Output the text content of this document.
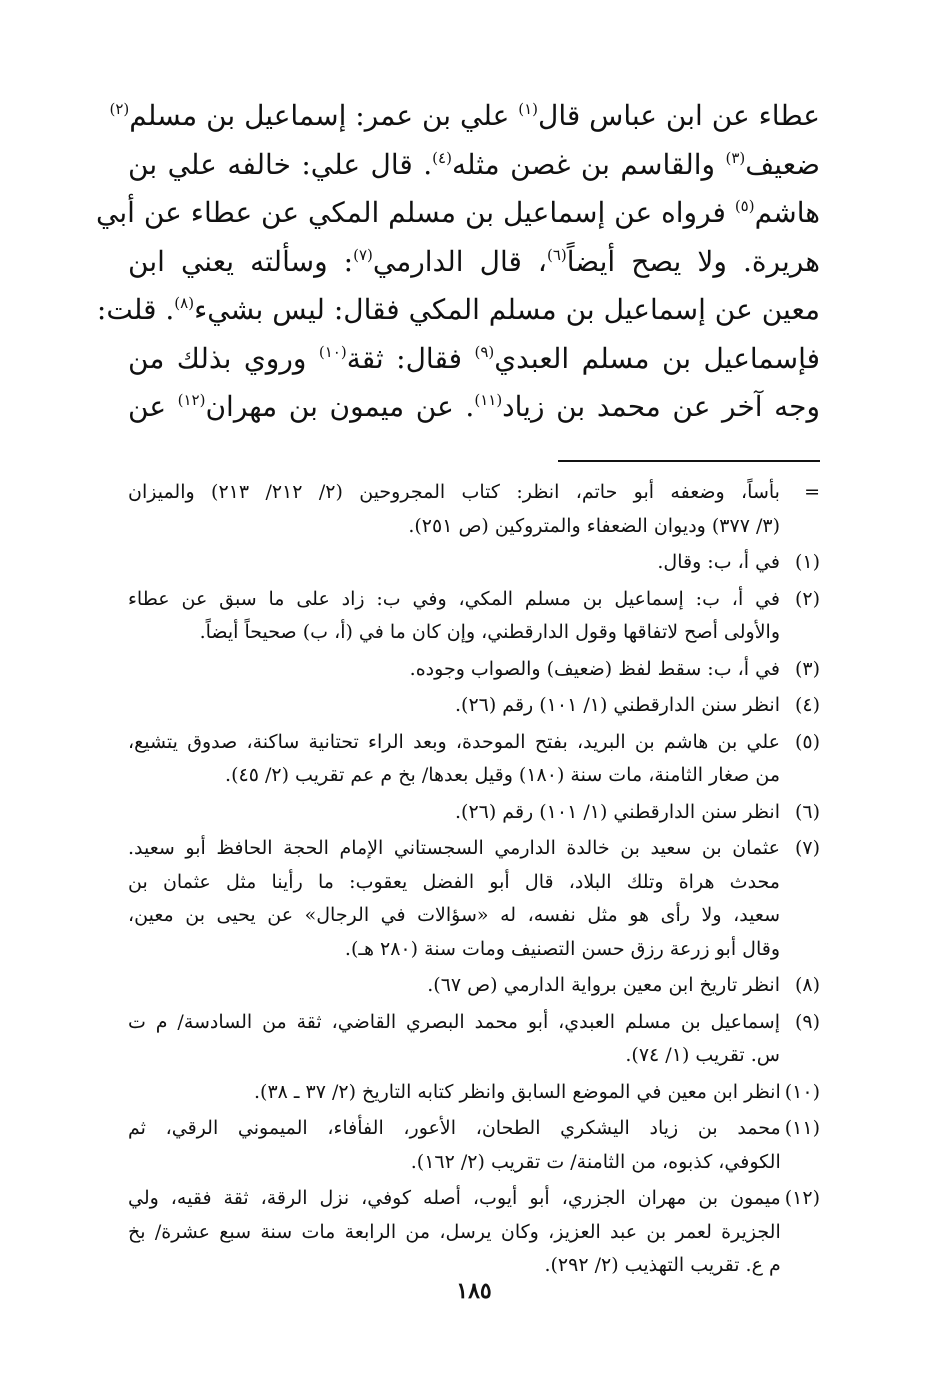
عطاء عن ابن عباس قال$^{(١)}$ علي بن عمر: إسماعيل بن مسلم$^{(٢)}$
ضعيف$^{(٣)}$ والقاسم بن غصن مثله$^{(٤)}$. قال علي: خالفه علي بن
هاشم$^{(٥)}$ فرواه عن إسماعيل بن مسلم المكي عن عطاء عن أبي
هريرة. ولا يصح أيضاً$^{(٦)}$، قال الدارمي$^{(٧)}$: وسألته يعني ابن
معين عن إسماعيل بن مسلم المكي فقال: ليس بشيء$^{(٨)}$. قلت:
فإسماعيل بن مسلم العبدي$^{(٩)}$ فقال: ثقة$^{(١٠)}$ وروي بذلك من
وجه آخر عن محمد بن زياد$^{(١١)}$. عن ميمون بن مهران$^{(١٢)}$ عن
=
بأساً، وضعفه أبو حاتم، انظر: كتاب المجروحين (٢/ ٢١٢/ ٢١٣) والميزان
(٣/ ٣٧٧) وديوان الضعفاء والمتروكين (ص ٢٥١).
(١)
في أ، ب: وقال.
(٢)
في أ، ب: إسماعيل بن مسلم المكي، وفي ب: زاد على ما سبق عن عطاء
والأولى أصح لاتفاقها وقول الدارقطني، وإن كان ما في (أ، ب) صحيحاً أيضاً.
(٣)
في أ، ب: سقط لفظ (ضعيف) والصواب وجوده.
(٤)
انظر سنن الدارقطني (١/ ١٠١) رقم (٢٦).
(٥)
علي بن هاشم بن البريد، بفتح الموحدة، وبعد الراء تحتانية ساكنة، صدوق يتشيع،
من صغار الثامنة، مات سنة (١٨٠) وقيل بعدها/ بخ م عم تقريب (٢/ ٤٥).
(٦)
انظر سنن الدارقطني (١/ ١٠١) رقم (٢٦).
(٧)
عثمان بن سعيد بن خالدة الدارمي السجستاني الإمام الحجة الحافظ أبو سعيد.
محدث هراة وتلك البلاد، قال أبو الفضل يعقوب: ما رأينا مثل عثمان بن
سعيد، ولا رأى هو مثل نفسه، له «سؤالات في الرجال» عن يحيى بن معين،
وقال أبو زرعة رزق حسن التصنيف ومات سنة (٢٨٠ هـ).
(٨)
انظر تاريخ ابن معين برواية الدارمي (ص ٦٧).
(٩)
إسماعيل بن مسلم العبدي، أبو محمد البصري القاضي، ثقة من السادسة/ م ت
س. تقريب (١/ ٧٤).
(١٠)
انظر ابن معين في الموضع السابق وانظر كتابه التاريخ (٢/ ٣٧ ـ ٣٨).
(١١)
محمد بن زياد اليشكري الطحان، الأعور، الفأفاء، الميموني الرقي، ثم
الكوفي، كذبوه، من الثامنة/ ت تقريب (٢/ ١٦٢).
(١٢)
ميمون بن مهران الجزري، أبو أيوب، أصله كوفي، نزل الرقة، ثقة فقيه، ولي
الجزيرة لعمر بن عبد العزيز، وكان يرسل، من الرابعة مات سنة سبع عشرة/ بخ
م ع. تقريب التهذيب (٢/ ٢٩٢).
١٨٥
